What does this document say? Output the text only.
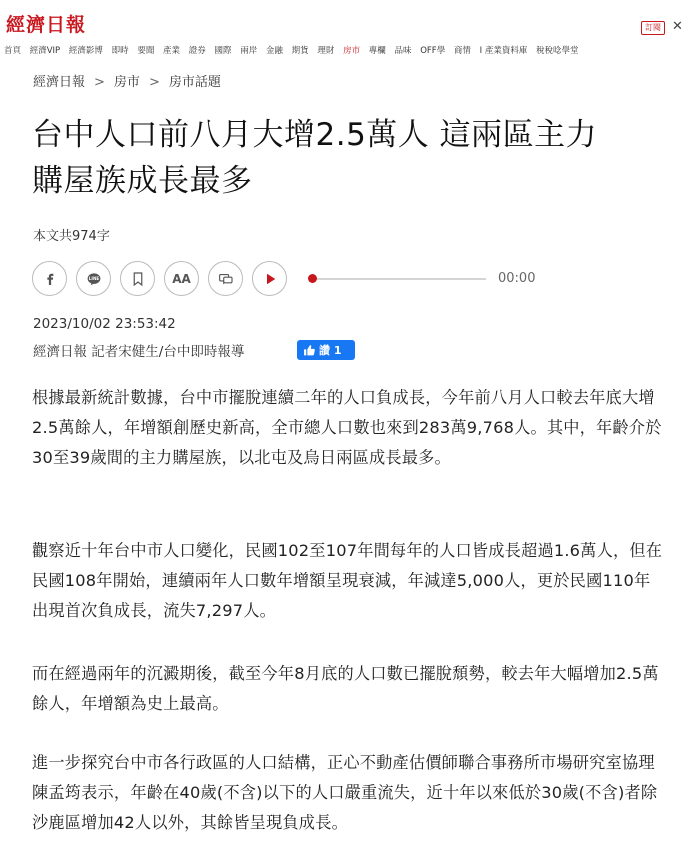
經濟日報	訂閱 ✕
首頁 經濟VIP 經濟影博 即時 要聞 產業 證券 國際 兩岸 金融 期貨 理財 房市 專欄 品味 OFF學 商情 I 產業資料庫 稅稅唸學堂
經濟日報 > 房市 > 房市話題
台中人口前八月大增2.5萬人 這兩區主力
購屋族成長最多
本文共974字
LINE	AA	00:00
2023/10/02 23:53:42
經濟日報 記者宋健生/台中即時報導	讚 1

根據最新統計數據，台中市擺脫連續二年的人口負成長，今年前八月人口較去年底大增2.5萬餘人，年增額創歷史新高，全市總人口數也來到283萬9,768人。其中，年齡介於30至39歲間的主力購屋族，以北屯及烏日兩區成長最多。

觀察近十年台中市人口變化，民國102至107年間每年的人口皆成長超過1.6萬人，但在民國108年開始，連續兩年人口數年增額呈現衰減，年減達5,000人，更於民國110年出現首次負成長，流失7,297人。

而在經過兩年的沉澱期後，截至今年8月底的人口數已擺脫頹勢，較去年大幅增加2.5萬餘人，年增額為史上最高。

進一步探究台中市各行政區的人口結構，正心不動產估價師聯合事務所市場研究室協理陳孟筠表示，年齡在40歲(不含)以下的人口嚴重流失，近十年以來低於30歲(不含)者除沙鹿區增加42人以外，其餘皆呈現負成長。
